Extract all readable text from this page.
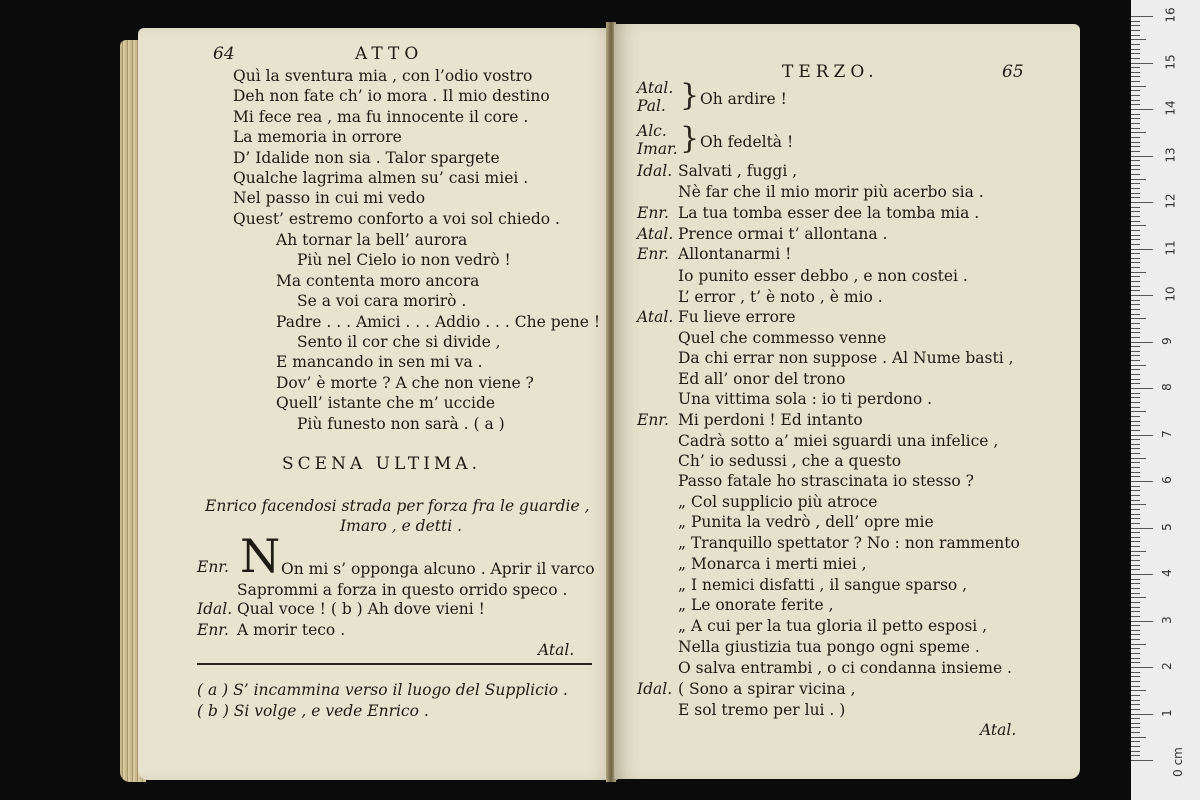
64	ATTO
Quì la sventura mia , con l’odio vostro
Deh non fate ch’ io mora . Il mio destino
Mi fece rea , ma fu innocente il core .
La memoria in orrore
D’ Idalide non sia . Talor spargete
Qualche lagrima almen su’ casi miei .
Nel passo in cui mi vedo
Quest’ estremo conforto a voi sol chiedo .
Ah tornar la bell’ aurora
Più nel Cielo io non vedrò !
Ma contenta moro ancora
Se a voi cara morirò .
Padre . . . Amici . . . Addio . . . Che pene !
Sento il cor che si divide ,
E mancando in sen mi va .
Dov’ è morte ? A che non viene ?
Quell’ istante che m’ uccide
Più funesto non sarà . ( a )
SCENA ULTIMA.
Enrico facendosi strada per forza fra le guardie ,
Imaro , e detti .
Enr. N On mi s’ opponga alcuno . Aprir il varco
Saprommi a forza in questo orrido speco .
Idal. Qual voce ! ( b ) Ah dove vieni !
Enr. A morir teco .
Atal.
( a ) S’ incammina verso il luogo del Supplicio .
( b ) Si volge , e vede Enrico .
TERZO.	65
}
}
Atal.
Pal. Oh ardire !
Alc.
Imar. Oh fedeltà !
Idal. Salvati , fuggi ,
Nè far che il mio morir più acerbo sia .
Enr. La tua tomba esser dee la tomba mia .
Atal. Prence ormai t’ allontana .
Enr. Allontanarmi !
Io punito esser debbo , e non costei .
L’ error , t’ è noto , è mio .
Atal. Fu lieve errore
Quel che commesso venne
Da chi errar non suppose . Al Nume basti ,
Ed all’ onor del trono
Una vittima sola : io ti perdono .
Enr. Mi perdoni ! Ed intanto
Cadrà sotto a’ miei sguardi una infelice ,
Ch’ io sedussi , che a questo
Passo fatale ho strascinata io stesso ?
„ Col supplicio più atroce
„ Punita la vedrò , dell’ opre mie
„ Tranquillo spettator ? No : non rammento
„ Monarca i merti miei ,
„ I nemici disfatti , il sangue sparso ,
„ Le onorate ferite ,
„ A cui per la tua gloria il petto esposi ,
Nella giustizia tua pongo ogni speme .
O salva entrambi , o ci condanna insieme .
Idal. ( Sono a spirar vicina ,
E sol tremo per lui . )
Atal.
1
2
3
4
5
6
7
8
9
10
11
12
13
14
15
16
0 cm
